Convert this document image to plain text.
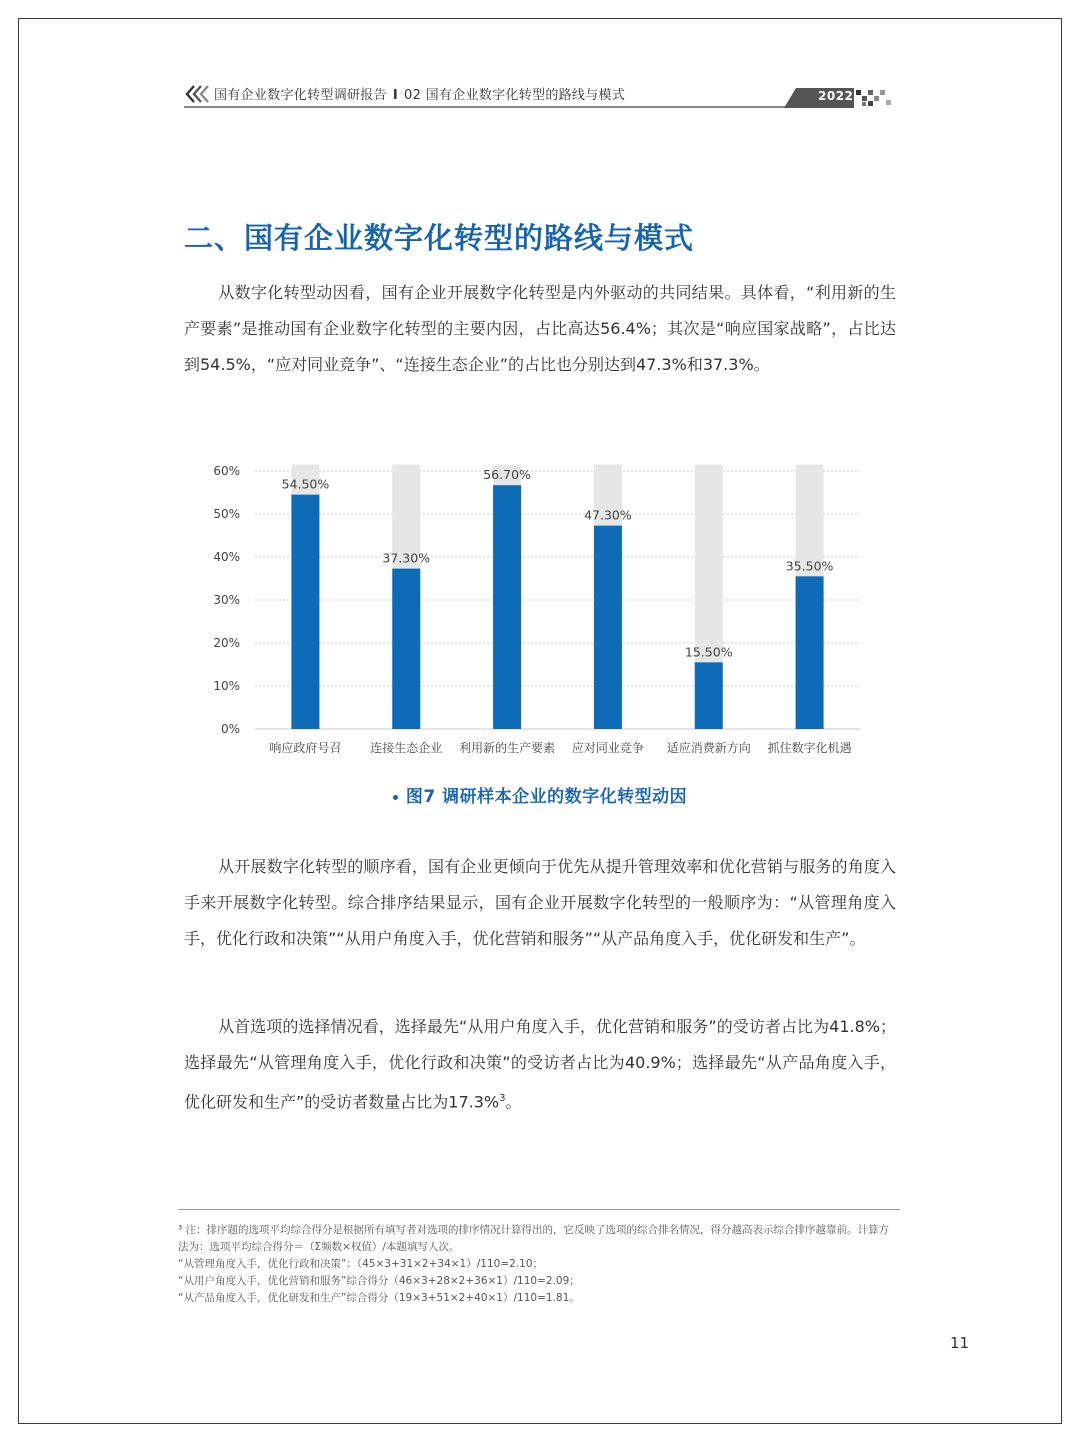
国有企业数字化转型调研报告 I 02 国有企业数字化转型的路线与模式	2022
二、国有企业数字化转型的路线与模式

从数字化转型动因看，国有企业开展数字化转型是内外驱动的共同结果。具体看，“利用新的生产要素”是推动国有企业数字化转型的主要内因，占比高达56.4%；其次是“响应国家战略”，占比达到54.5%，“应对同业竞争”、“连接生态企业”的占比也分别达到47.3%和37.3%。

0%
10%
20%
30%
40%
50%
60%
54.50%
响应政府号召
37.30%
连接生态企业
56.70%
利用新的生产要素
47.30%
应对同业竞争
15.50%
适应消费新方向
35.50%
抓住数字化机遇
图7 调研样本企业的数字化转型动因

从开展数字化转型的顺序看，国有企业更倾向于优先从提升管理效率和优化营销与服务的角度入手来开展数字化转型。综合排序结果显示，国有企业开展数字化转型的一般顺序为：“从管理角度入手，优化行政和决策”“从用户角度入手，优化营销和服务”“从产品角度入手，优化研发和生产”。

从首选项的选择情况看，选择最先“从用户角度入手，优化营销和服务”的受访者占比为41.8%；选择最先“从管理角度入手，优化行政和决策”的受访者占比为40.9%；选择最先“从产品角度入手，优化研发和生产”的受访者数量占比为17.3%$^3$。

³ 注：排序题的选项平均综合得分是根据所有填写者对选项的排序情况计算得出的，它反映了选项的综合排名情况，得分越高表示综合排序越靠前。计算方法为：选项平均综合得分＝（Σ频数×权值）/本题填写人次。
“从管理角度入手，优化行政和决策”：（45×3+31×2+34×1）/110=2.10；
“从用户角度入手，优化营销和服务”综合得分（46×3+28×2+36×1）/110=2.09；
“从产品角度入手，优化研发和生产”综合得分（19×3+51×2+40×1）/110=1.81。
11
